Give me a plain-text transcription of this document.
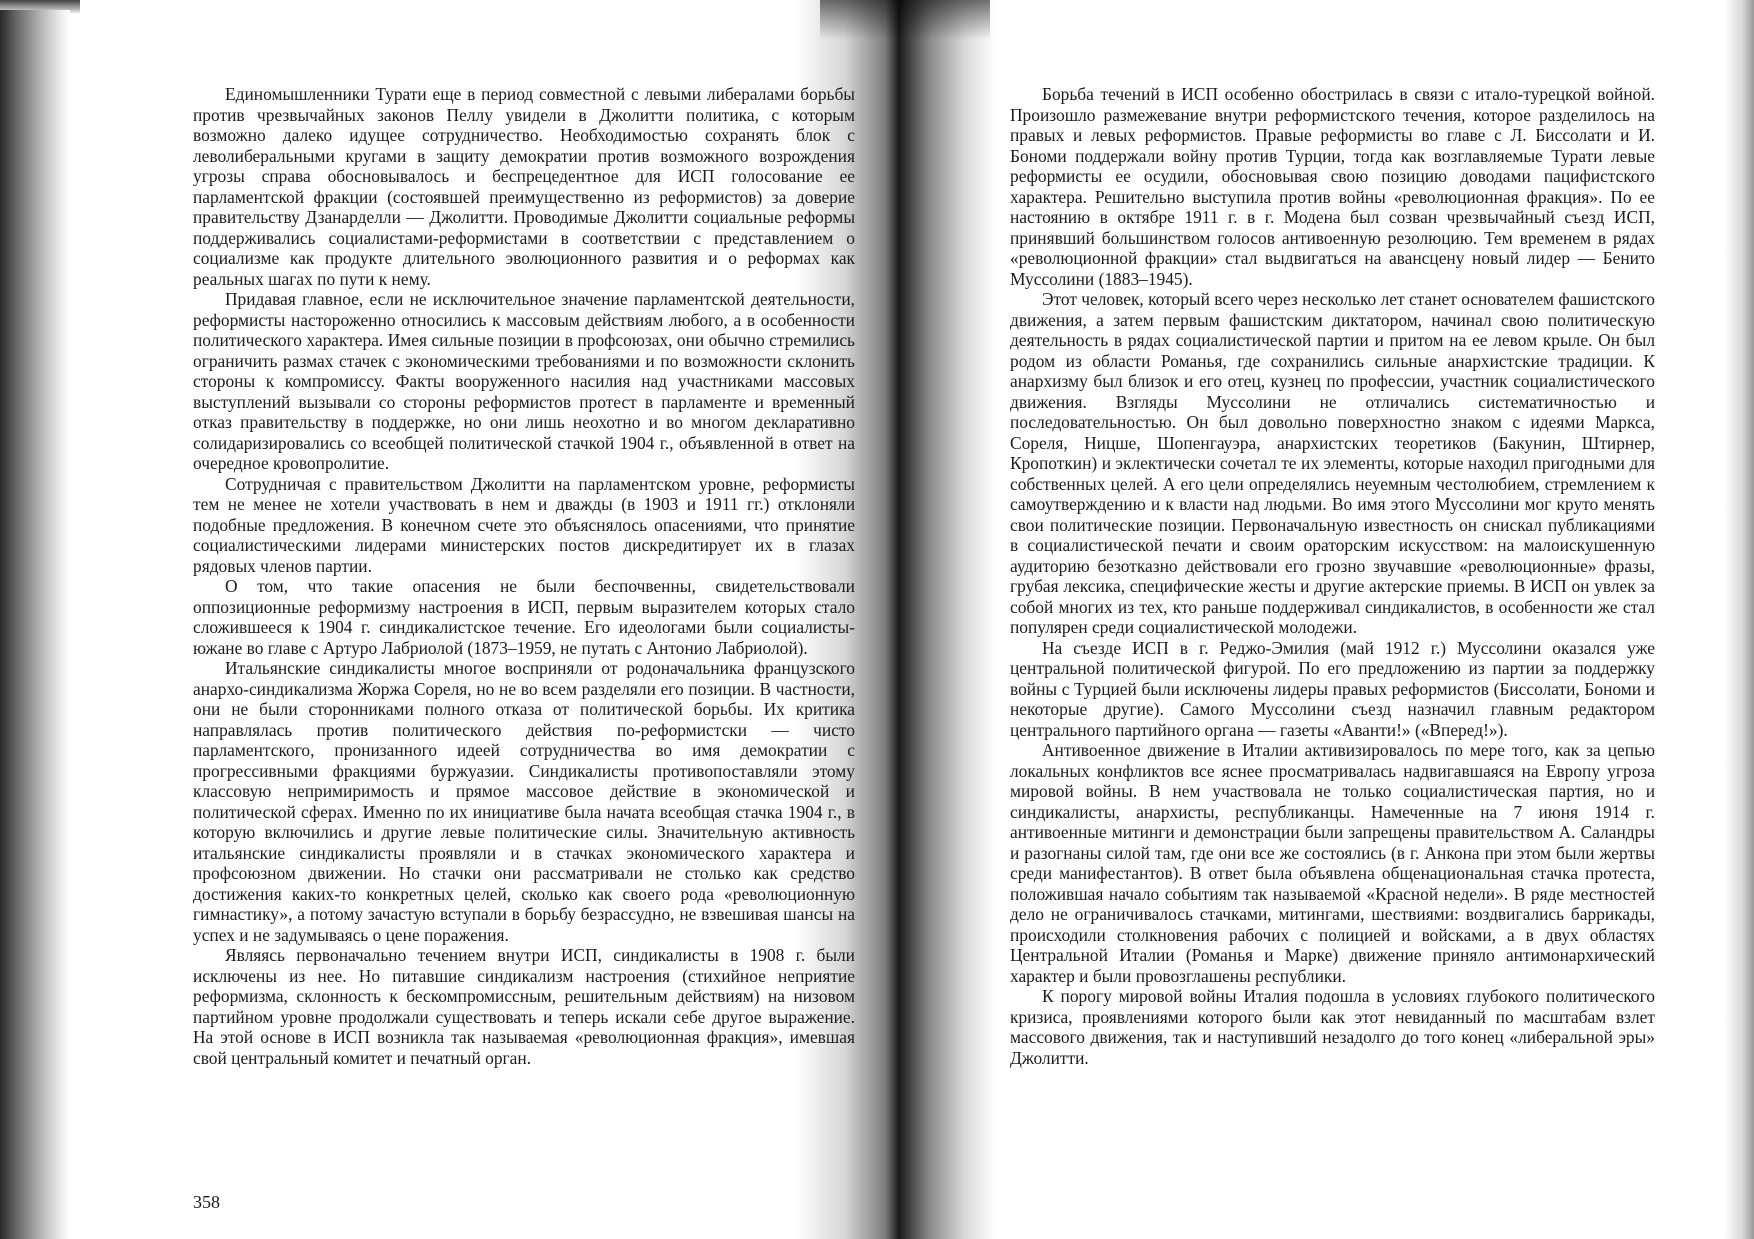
Единомышленники Турати еще в период совместной с левыми либералами борьбы против чрезвычайных законов Пеллу увидели в Джолитти политика, с которым возможно далеко идущее сотрудничество. Необходимостью сохранять блок с леволиберальными кругами в защиту демократии против возможного возрождения угрозы справа обосновывалось и беспрецедентное для ИСП голосование ее парламентской фракции (состоявшей преимущественно из реформистов) за доверие правительству Дзанарделли — Джолитти. Проводимые Джолитти социальные реформы поддерживались социалистами-реформистами в соответствии с представлением о социализме как продукте длительного эволюционного развития и о реформах как реальных шагах по пути к нему.

Придавая главное, если не исключительное значение парламентской деятельности, реформисты настороженно относились к массовым действиям любого, а в особенности политического характера. Имея сильные позиции в профсоюзах, они обычно стремились ограничить размах стачек с экономическими требованиями и по возможности склонить стороны к компромиссу. Факты вооруженного насилия над участниками массовых выступлений вызывали со стороны реформистов протест в парламенте и временный отказ правительству в поддержке, но они лишь неохотно и во многом декларативно солидаризировались со всеобщей политической стачкой 1904 г., объявленной в ответ на очередное кровопролитие.

Сотрудничая с правительством Джолитти на парламентском уровне, реформисты тем не менее не хотели участвовать в нем и дважды (в 1903 и 1911 гг.) отклоняли подобные предложения. В конечном счете это объяснялось опасениями, что принятие социалистическими лидерами министерских постов дискредитирует их в глазах рядовых членов партии.

О том, что такие опасения не были беспочвенны, свидетельствовали оппозиционные реформизму настроения в ИСП, первым выразителем которых стало сложившееся к 1904 г. синдикалистское течение. Его идеологами были социалисты-южане во главе с Артуро Лабриолой (1873–1959, не путать с Антонио Лабриолой).

Итальянские синдикалисты многое восприняли от родоначальника французского анархо-синдикализма Жоржа Сореля, но не во всем разделяли его позиции. В частности, они не были сторонниками полного отказа от политической борьбы. Их критика направлялась против политического действия по-реформистски — чисто парламентского, пронизанного идеей сотрудничества во имя демократии с прогрессивными фракциями буржуазии. Синдикалисты противопоставляли этому классовую непримиримость и прямое массовое действие в экономической и политической сферах. Именно по их инициативе была начата всеобщая стачка 1904 г., в которую включились и другие левые политические силы. Значительную активность итальянские синдикалисты проявляли и в стачках экономического характера и профсоюзном движении. Но стачки они рассматривали не столько как средство достижения каких-то конкретных целей, сколько как своего рода «революционную гимнастику», а потому зачастую вступали в борьбу безрассудно, не взвешивая шансы на успех и не задумываясь о цене поражения.

Являясь первоначально течением внутри ИСП, синдикалисты в 1908 г. были исключены из нее. Но питавшие синдикализм настроения (стихийное неприятие реформизма, склонность к бескомпромиссным, решительным действиям) на низовом партийном уровне продолжали существовать и теперь искали себе другое выражение. На этой основе в ИСП возникла так называемая «революционная фракция», имевшая свой центральный комитет и печатный орган.

358

Борьба течений в ИСП особенно обострилась в связи с итало-турецкой войной. Произошло размежевание внутри реформистского течения, которое разделилось на правых и левых реформистов. Правые реформисты во главе с Л. Биссолати и И. Бономи поддержали войну против Турции, тогда как возглавляемые Турати левые реформисты ее осудили, обосновывая свою позицию доводами пацифистского характера. Решительно выступила против войны «революционная фракция». По ее настоянию в октябре 1911 г. в г. Модена был созван чрезвычайный съезд ИСП, принявший большинством голосов антивоенную резолюцию. Тем временем в рядах «революционной фракции» стал выдвигаться на авансцену новый лидер — Бенито Муссолини (1883–1945).

Этот человек, который всего через несколько лет станет основателем фашистского движения, а затем первым фашистским диктатором, начинал свою политическую деятельность в рядах социалистической партии и притом на ее левом крыле. Он был родом из области Романья, где сохранились сильные анархистские традиции. К анархизму был близок и его отец, кузнец по профессии, участник социалистического движения. Взгляды Муссолини не отличались систематичностью и последовательностью. Он был довольно поверхностно знаком с идеями Маркса, Сореля, Ницше, Шопенгауэра, анархистских теоретиков (Бакунин, Штирнер, Кропоткин) и эклектически сочетал те их элементы, которые находил пригодными для собственных целей. А его цели определялись неуемным честолюбием, стремлением к самоутверждению и к власти над людьми. Во имя этого Муссолини мог круто менять свои политические позиции. Первоначальную известность он снискал публикациями в социалистической печати и своим ораторским искусством: на малоискушенную аудиторию безотказно действовали его грозно звучавшие «революционные» фразы, грубая лексика, специфические жесты и другие актерские приемы. В ИСП он увлек за собой многих из тех, кто раньше поддерживал синдикалистов, в особенности же стал популярен среди социалистической молодежи.

На съезде ИСП в г. Реджо-Эмилия (май 1912 г.) Муссолини оказался уже центральной политической фигурой. По его предложению из партии за поддержку войны с Турцией были исключены лидеры правых реформистов (Биссолати, Бономи и некоторые другие). Самого Муссолини съезд назначил главным редактором центрального партийного органа — газеты «Аванти!» («Вперед!»).

Антивоенное движение в Италии активизировалось по мере того, как за цепью локальных конфликтов все яснее просматривалась надвигавшаяся на Европу угроза мировой войны. В нем участвовала не только социалистическая партия, но и синдикалисты, анархисты, республиканцы. Намеченные на 7 июня 1914 г. антивоенные митинги и демонстрации были запрещены правительством А. Саландры и разогнаны силой там, где они все же состоялись (в г. Анкона при этом были жертвы среди манифестантов). В ответ была объявлена общенациональная стачка протеста, положившая начало событиям так называемой «Красной недели». В ряде местностей дело не ограничивалось стачками, митингами, шествиями: воздвигались баррикады, происходили столкновения рабочих с полицией и войсками, а в двух областях Центральной Италии (Романья и Марке) движение приняло антимонархический характер и были провозглашены республики.

К порогу мировой войны Италия подошла в условиях глубокого политического кризиса, проявлениями которого были как этот невиданный по масштабам взлет массового движения, так и наступивший незадолго до того конец «либеральной эры» Джолитти.
